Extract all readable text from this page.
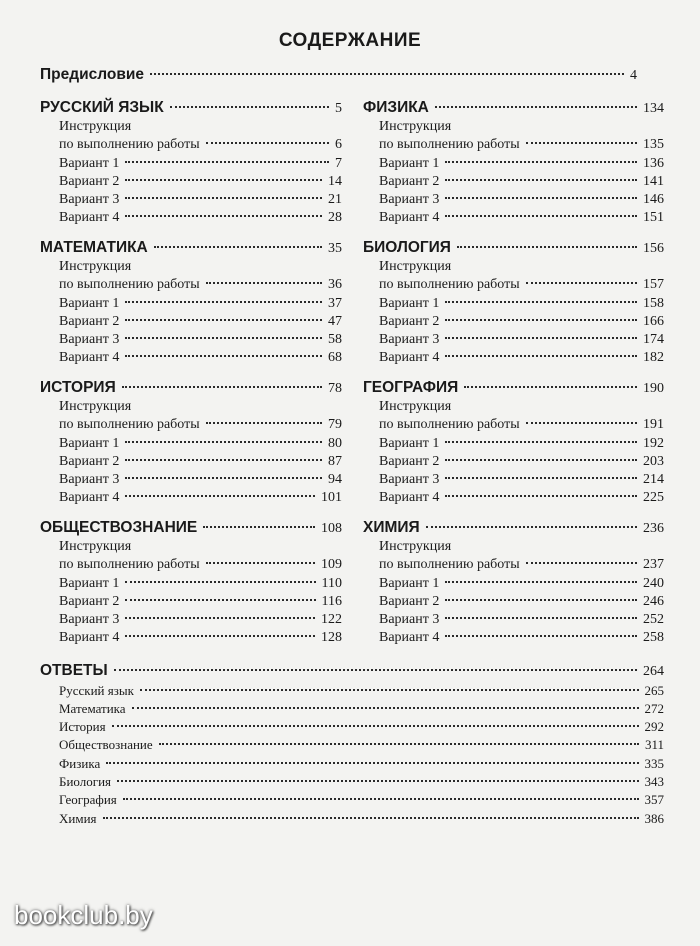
СОДЕРЖАНИЕ
Предисловие	4
РУССКИЙ ЯЗЫК	5
Инструкция
по выполнению работы	6
Вариант 1	7
Вариант 2	14
Вариант 3	21
Вариант 4	28
МАТЕМАТИКА	35
Инструкция
по выполнению работы	36
Вариант 1	37
Вариант 2	47
Вариант 3	58
Вариант 4	68
ИСТОРИЯ	78
Инструкция
по выполнению работы	79
Вариант 1	80
Вариант 2	87
Вариант 3	94
Вариант 4	101
ОБЩЕСТВОЗНАНИЕ	108
Инструкция
по выполнению работы	109
Вариант 1	110
Вариант 2	116
Вариант 3	122
Вариант 4	128
ФИЗИКА	134
Инструкция
по выполнению работы	135
Вариант 1	136
Вариант 2	141
Вариант 3	146
Вариант 4	151
БИОЛОГИЯ	156
Инструкция
по выполнению работы	157
Вариант 1	158
Вариант 2	166
Вариант 3	174
Вариант 4	182
ГЕОГРАФИЯ	190
Инструкция
по выполнению работы	191
Вариант 1	192
Вариант 2	203
Вариант 3	214
Вариант 4	225
ХИМИЯ	236
Инструкция
по выполнению работы	237
Вариант 1	240
Вариант 2	246
Вариант 3	252
Вариант 4	258
ОТВЕТЫ	264
Русский язык	265
Математика	272
История	292
Обществознание	311
Физика	335
Биология	343
География	357
Химия	386
bookclub.by
